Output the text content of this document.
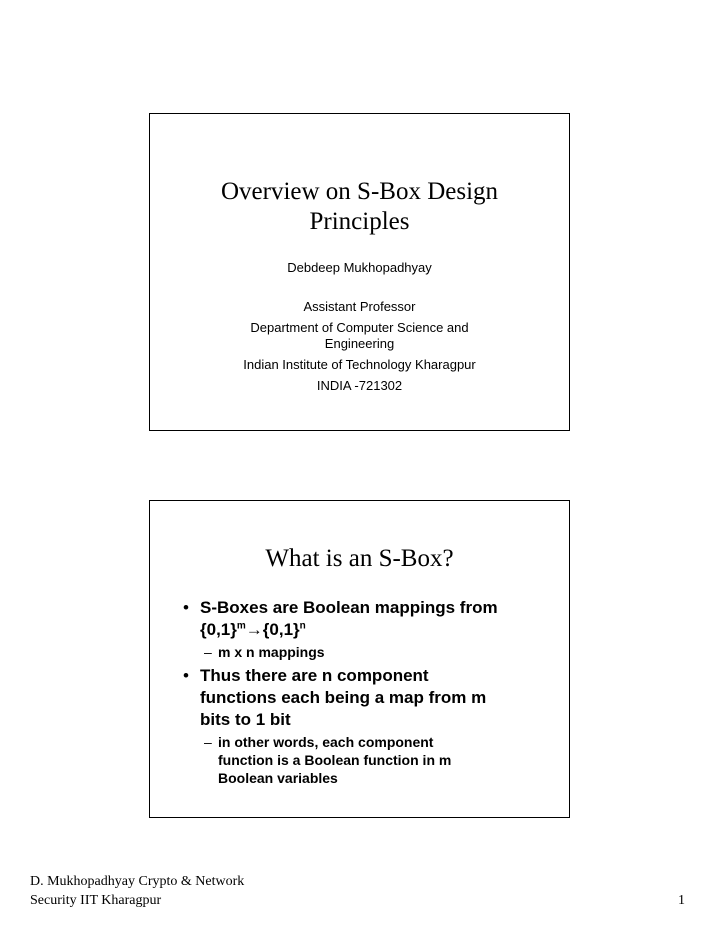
Overview on S-Box Design
Principles
Debdeep Mukhopadhyay
Assistant Professor
Department of Computer Science and
Engineering
Indian Institute of Technology Kharagpur
INDIA -721302
What is an S-Box?
• S-Boxes are Boolean mappings from
$\{0,1\}^m\to\{0,1\}^n$
– m x n mappings
• Thus there are n component
functions each being a map from m
bits to 1 bit
– in other words, each component
function is a Boolean function in m
Boolean variables
D. Mukhopadhyay Crypto & Network
Security IIT Kharagpur	1
